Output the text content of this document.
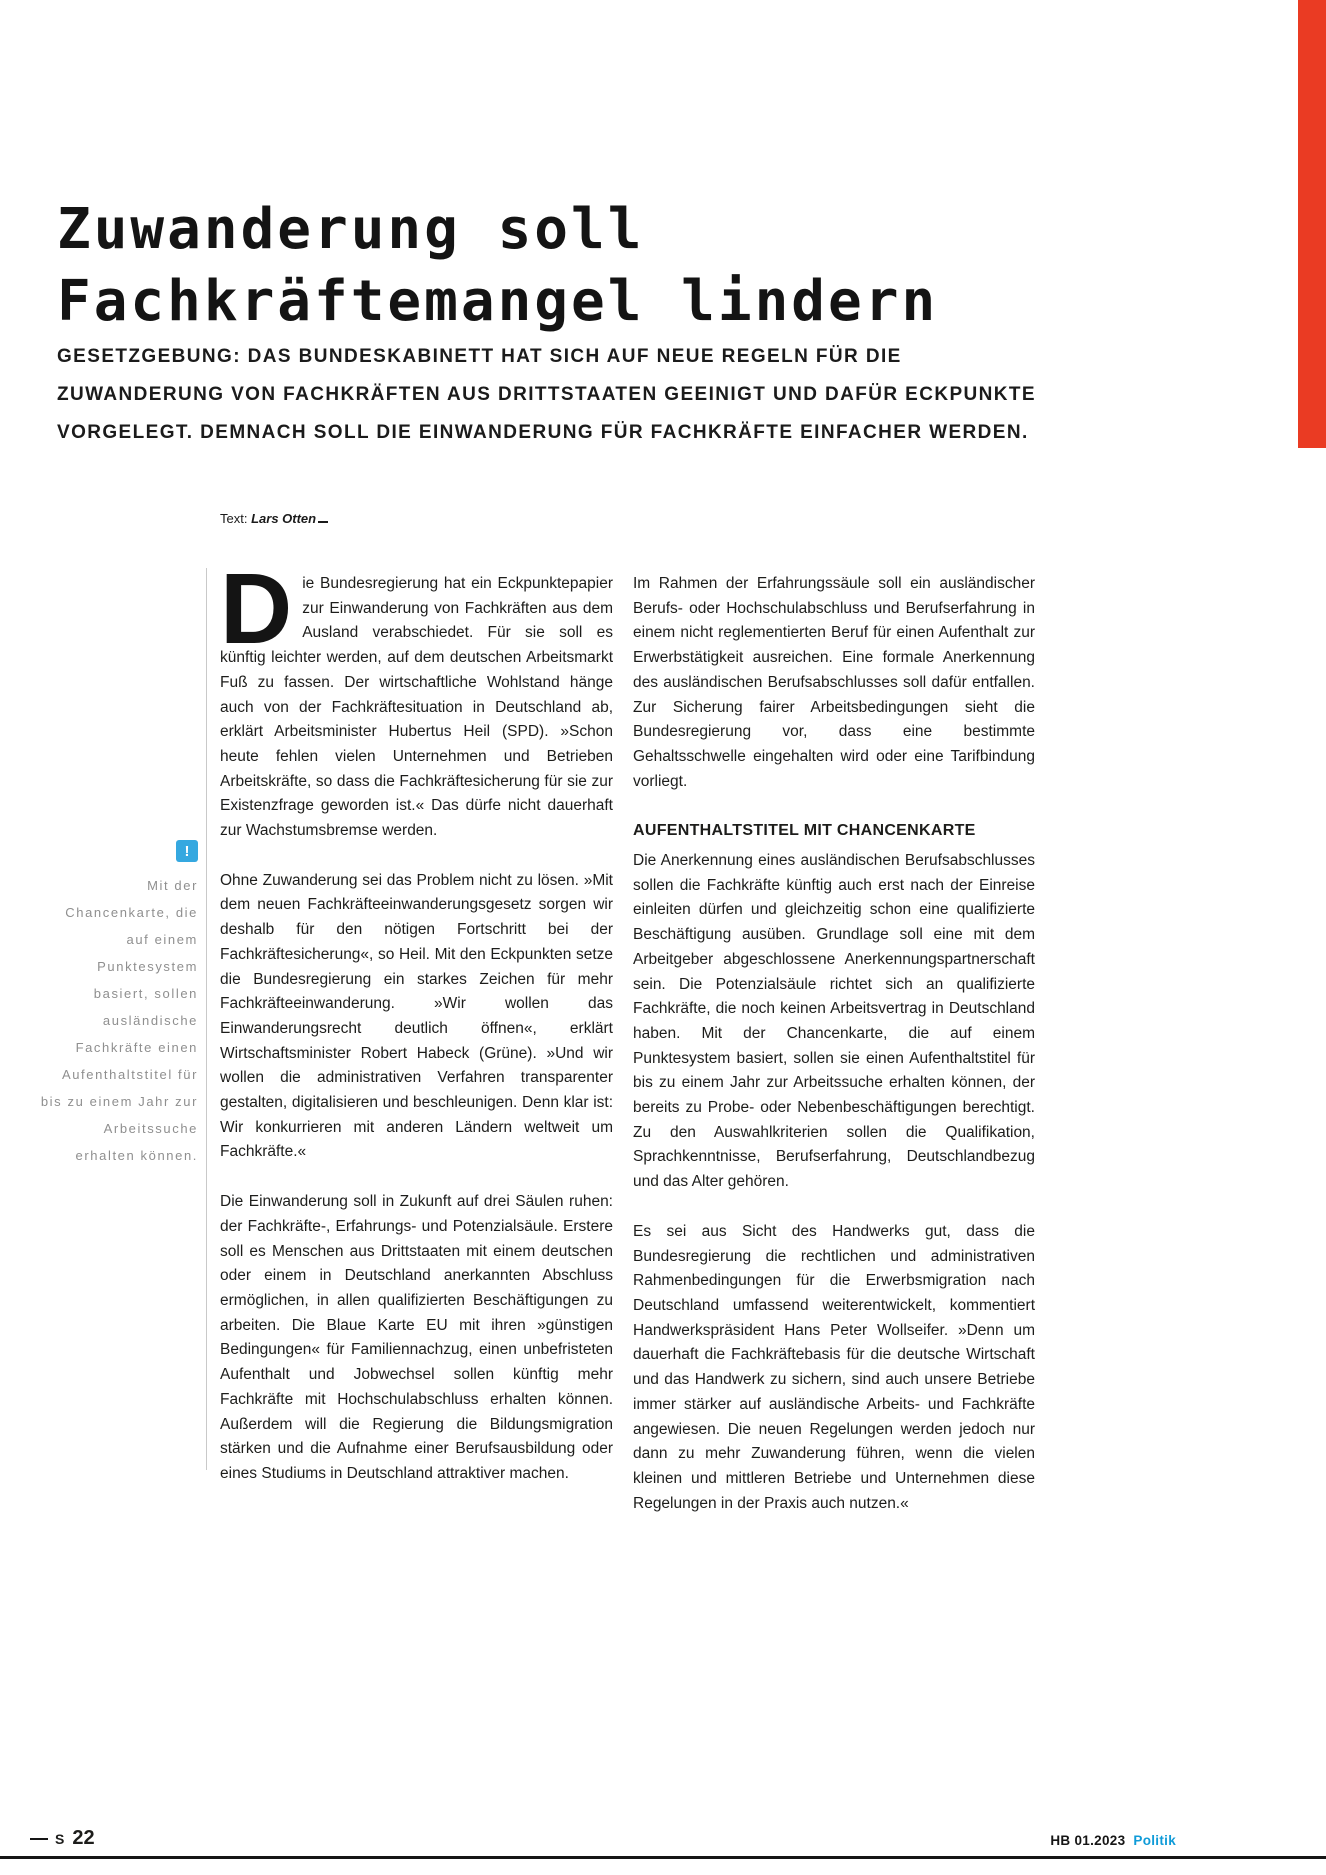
Zuwanderung soll
Fachkräftemangel lindern

GESETZGEBUNG: DAS BUNDESKABINETT HAT SICH AUF NEUE REGELN FÜR DIE ZUWANDERUNG VON FACHKRÄFTEN AUS DRITTSTAATEN GEEINIGT UND DAFÜR ECKPUNKTE VORGELEGT. DEMNACH SOLL DIE EINWANDERUNG FÜR FACHKRÄFTE EINFACHER WERDEN.

Text: Lars Otten

!

Mit der Chancenkarte, die auf einem Punktesystem basiert, sollen ausländische Fachkräfte einen Aufenthaltstitel für bis zu einem Jahr zur Arbeitssuche erhalten können.

Die Bundesregierung hat ein Eckpunktepapier zur Einwanderung von Fachkräften aus dem Ausland verabschiedet. Für sie soll es künftig leichter werden, auf dem deutschen Arbeitsmarkt Fuß zu fassen. Der wirtschaftliche Wohlstand hänge auch von der Fachkräftesituation in Deutschland ab, erklärt Arbeitsminister Hubertus Heil (SPD). »Schon heute fehlen vielen Unternehmen und Betrieben Arbeitskräfte, so dass die Fachkräftesicherung für sie zur Existenzfrage geworden ist.« Das dürfe nicht dauerhaft zur Wachstumsbremse werden.

Ohne Zuwanderung sei das Problem nicht zu lösen. »Mit dem neuen Fachkräfteeinwanderungsgesetz sorgen wir deshalb für den nötigen Fortschritt bei der Fachkräftesicherung«, so Heil. Mit den Eckpunkten setze die Bundesregierung ein starkes Zeichen für mehr Fachkräfteeinwanderung. »Wir wollen das Einwanderungsrecht deutlich öffnen«, erklärt Wirtschaftsminister Robert Habeck (Grüne). »Und wir wollen die administrativen Verfahren transparenter gestalten, digitalisieren und beschleunigen. Denn klar ist: Wir konkurrieren mit anderen Ländern weltweit um Fachkräfte.«

Die Einwanderung soll in Zukunft auf drei Säulen ruhen: der Fachkräfte-, Erfahrungs- und Potenzialsäule. Erstere soll es Menschen aus Drittstaaten mit einem deutschen oder einem in Deutschland anerkannten Abschluss ermöglichen, in allen qualifizierten Beschäftigungen zu arbeiten. Die Blaue Karte EU mit ihren »günstigen Bedingungen« für Familiennachzug, einen unbefristeten Aufenthalt und Jobwechsel sollen künftig mehr Fachkräfte mit Hochschulabschluss erhalten können. Außerdem will die Regierung die Bildungsmigration stärken und die Aufnahme einer Berufsausbildung oder eines Studiums in Deutschland attraktiver machen.

Im Rahmen der Erfahrungssäule soll ein ausländischer Berufs- oder Hochschulabschluss und Berufserfahrung in einem nicht reglementierten Beruf für einen Aufenthalt zur Erwerbstätigkeit ausreichen. Eine formale Anerkennung des ausländischen Berufsabschlusses soll dafür entfallen. Zur Sicherung fairer Arbeitsbedingungen sieht die Bundesregierung vor, dass eine bestimmte Gehaltsschwelle eingehalten wird oder eine Tarifbindung vorliegt.

AUFENTHALTSTITEL MIT CHANCENKARTE

Die Anerkennung eines ausländischen Berufsabschlusses sollen die Fachkräfte künftig auch erst nach der Einreise einleiten dürfen und gleichzeitig schon eine qualifizierte Beschäftigung ausüben. Grundlage soll eine mit dem Arbeitgeber abgeschlossene Anerkennungspartnerschaft sein. Die Potenzialsäule richtet sich an qualifizierte Fachkräfte, die noch keinen Arbeitsvertrag in Deutschland haben. Mit der Chancenkarte, die auf einem Punktesystem basiert, sollen sie einen Aufenthaltstitel für bis zu einem Jahr zur Arbeitssuche erhalten können, der bereits zu Probe- oder Nebenbeschäftigungen berechtigt. Zu den Auswahlkriterien sollen die Qualifikation, Sprachkenntnisse, Berufserfahrung, Deutschlandbezug und das Alter gehören.

Es sei aus Sicht des Handwerks gut, dass die Bundesregierung die rechtlichen und administrativen Rahmenbedingungen für die Erwerbsmigration nach Deutschland umfassend weiterentwickelt, kommentiert Handwerkspräsident Hans Peter Wollseifer. »Denn um dauerhaft die Fachkräftebasis für die deutsche Wirtschaft und das Handwerk zu sichern, sind auch unsere Betriebe immer stärker auf ausländische Arbeits- und Fachkräfte angewiesen. Die neuen Regelungen werden jedoch nur dann zu mehr Zuwanderung führen, wenn die vielen kleinen und mittleren Betriebe und Unternehmen diese Regelungen in der Praxis auch nutzen.«

S 22	HB 01.2023 Politik
